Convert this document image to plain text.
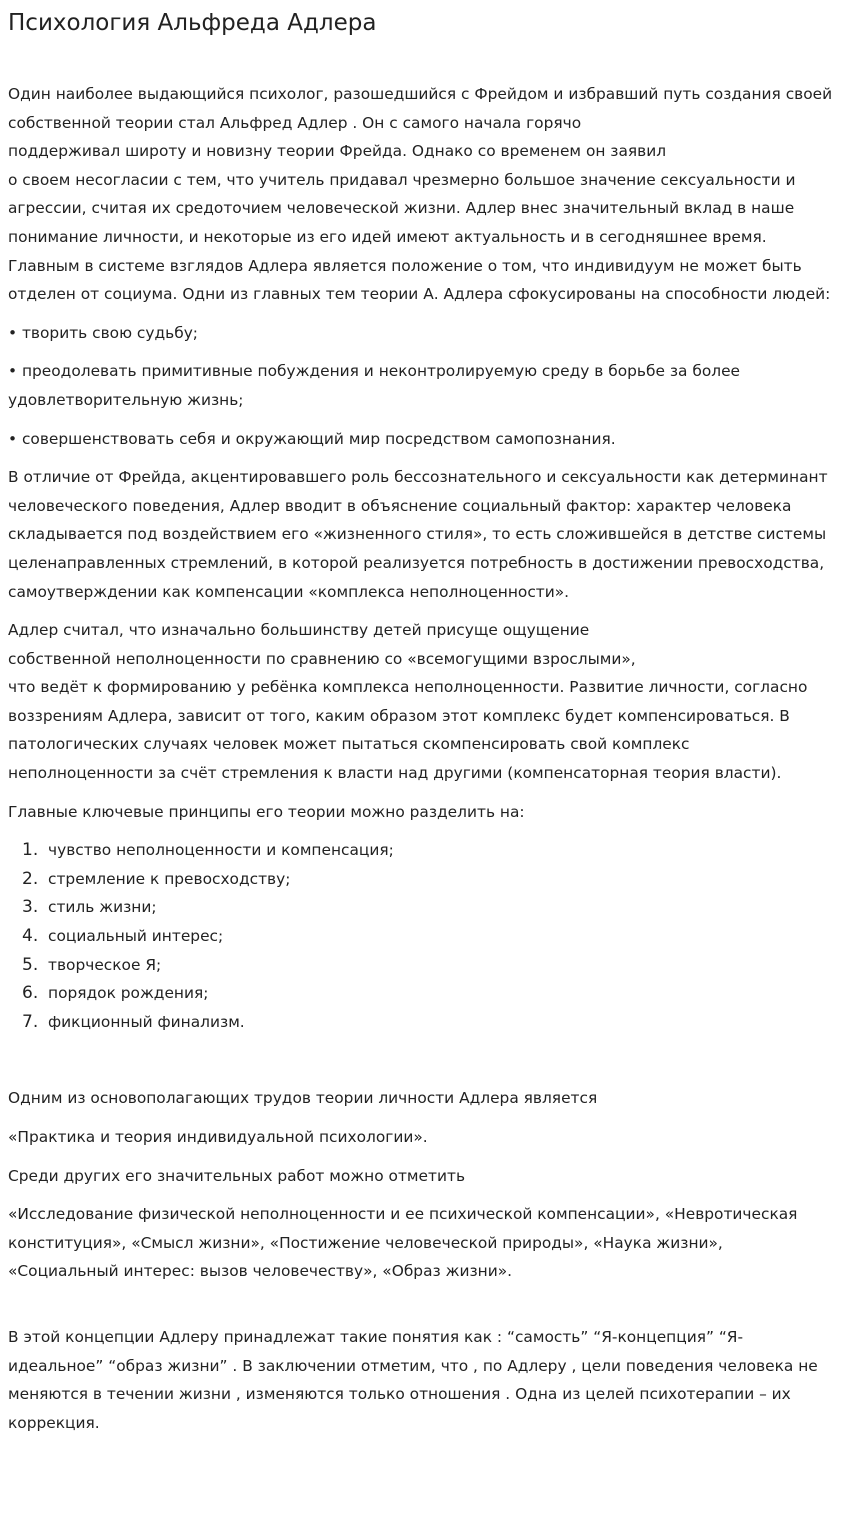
Психология Альфреда Адлера

Один наиболее выдающийся психолог, разошедшийся с Фрейдом и избравший путь создания своей собственной теории стал Альфред Адлер . Он с самого начала горячо

поддерживал широту и новизну теории Фрейда. Однако со временем он заявил

о своем несогласии с тем, что учитель придавал чрезмерно большое значение сексуальности и агрессии, считая их средоточием человеческой жизни. Адлер внес значительный вклад в наше понимание личности, и некоторые из его идей имеют актуальность и в сегодняшнее время. Главным в системе взглядов Адлера является положение о том, что индивидуум не может быть отделен от социума. Одни из главных тем теории А. Адлера сфокусированы на способности людей:

• творить свою судьбу;

• преодолевать примитивные побуждения и неконтролируемую среду в борьбе за более удовлетворительную жизнь;

• совершенствовать себя и окружающий мир посредством самопознания.

В отличие от Фрейда, акцентировавшего роль бессознательного и сексуальности как детерминант человеческого поведения, Адлер вводит в объяснение социальный фактор: характер человека складывается под воздействием его «жизненного стиля», то есть сложившейся в детстве системы целенаправленных стремлений, в которой реализуется потребность в достижении превосходства, самоутверждении как компенсации «комплекса неполноценности».

Адлер считал, что изначально большинству детей присуще ощущение

собственной неполноценности по сравнению со «всемогущими взрослыми»,

что ведёт к формированию у ребёнка комплекса неполноценности. Развитие личности, согласно воззрениям Адлера, зависит от того, каким образом этот комплекс будет компенсироваться. В патологических случаях человек может пытаться скомпенсировать свой комплекс неполноценности за счёт стремления к власти над другими (компенсаторная теория власти).

Главные ключевые принципы его теории можно разделить на:

1. чувство неполноценности и компенсация;
2. стремление к превосходству;
3. стиль жизни;
4. социальный интерес;
5. творческое Я;
6. порядок рождения;
7. фикционный финализм.

Одним из основополагающих трудов теории личности Адлера является

«Практика и теория индивидуальной психологии».

Среди других его значительных работ можно отметить

«Исследование физической неполноценности и ее психической компенсации», «Невротическая конституция», «Смысл жизни», «Постижение человеческой природы», «Наука жизни», «Социальный интерес: вызов человечеству», «Образ жизни».

В этой концепции Адлеру принадлежат такие понятия как : “самость” “Я-концепция” “Я-идеальное” “образ жизни” . В заключении отметим, что , по Адлеру , цели поведения человека не меняются в течении жизни , изменяются только отношения . Одна из целей психотерапии – их коррекция.
